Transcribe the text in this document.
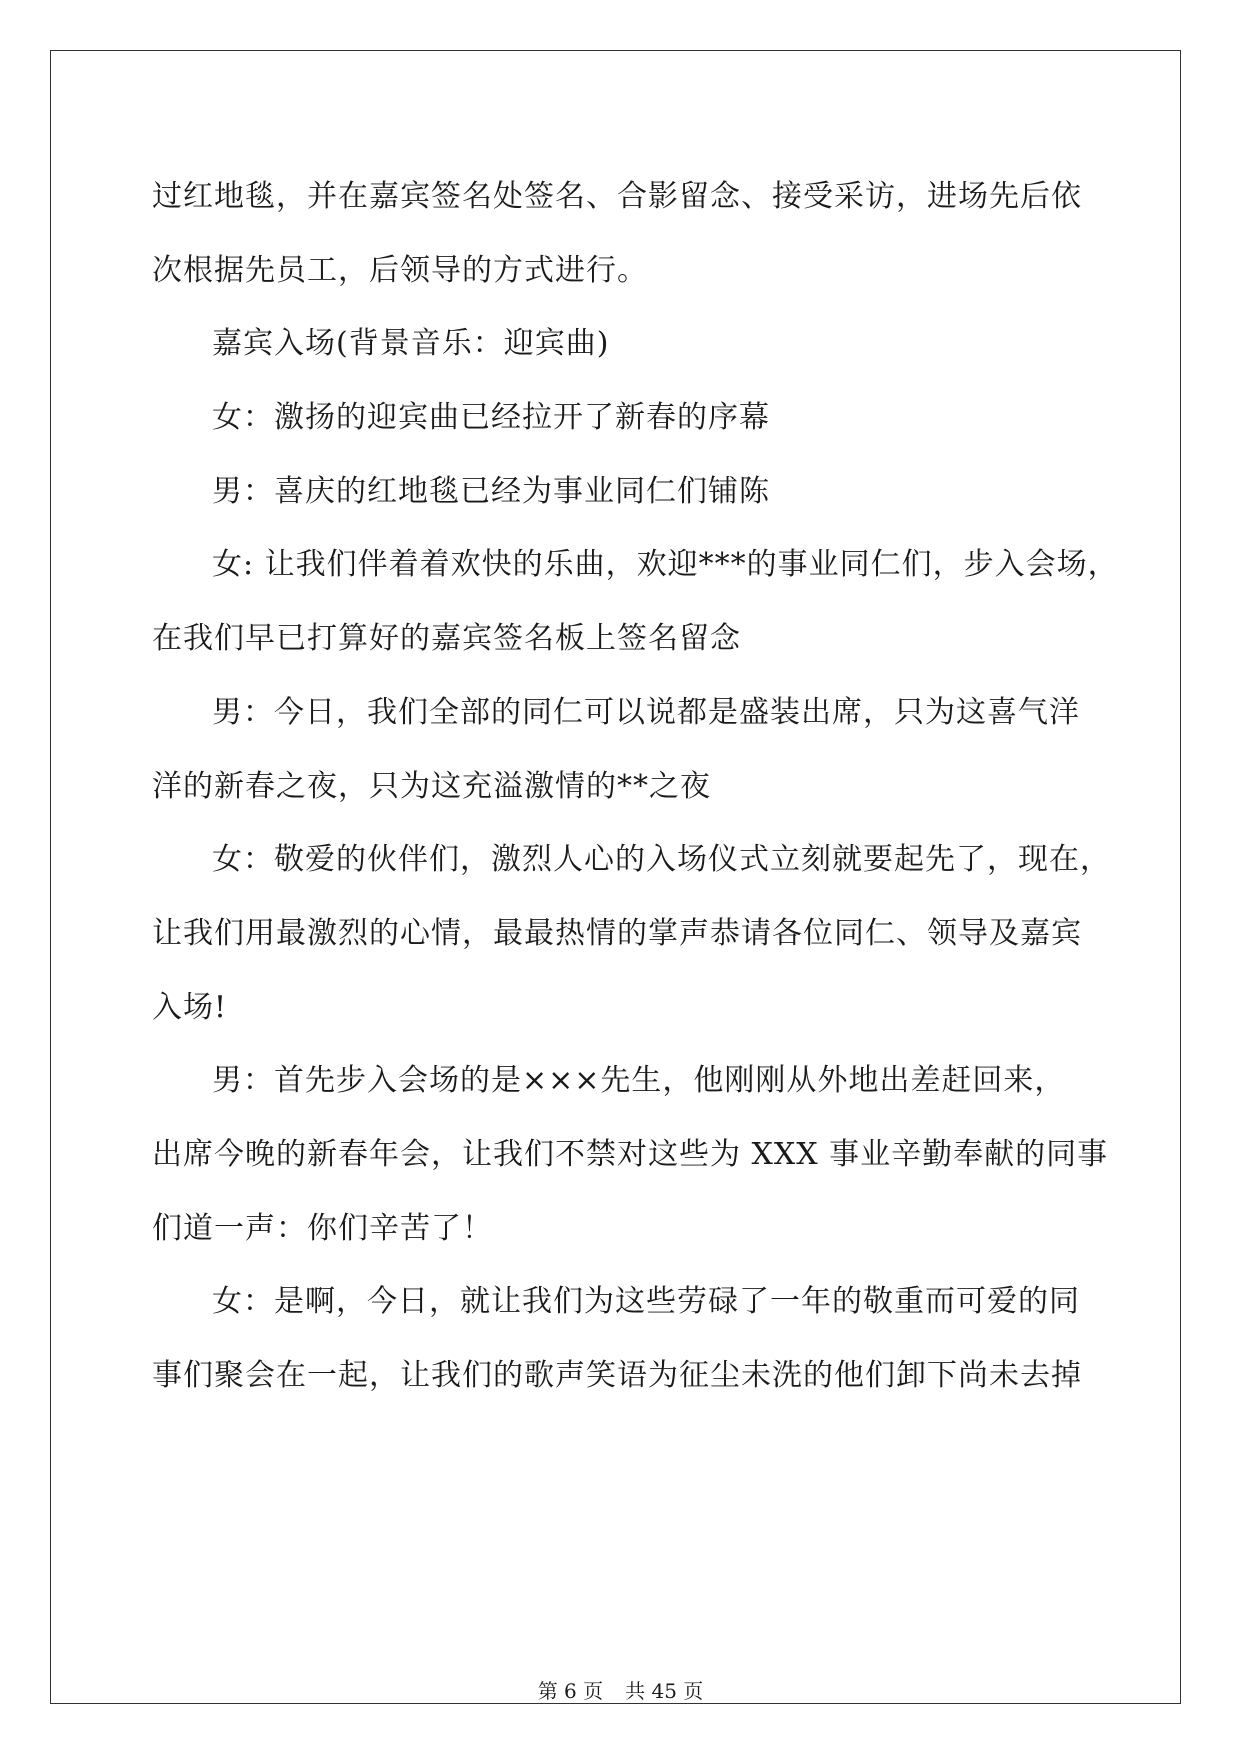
过红地毯，并在嘉宾签名处签名、合影留念、接受采访，进场先后依
次根据先员工，后领导的方式进行。
嘉宾入场(背景音乐：迎宾曲)
女：激扬的迎宾曲已经拉开了新春的序幕
男：喜庆的红地毯已经为事业同仁们铺陈
女: 让我们伴着着欢快的乐曲，欢迎***的事业同仁们，步入会场，
在我们早已打算好的嘉宾签名板上签名留念
男：今日，我们全部的同仁可以说都是盛装出席，只为这喜气洋
洋的新春之夜，只为这充溢激情的**之夜
女：敬爱的伙伴们，激烈人心的入场仪式立刻就要起先了，现在，
让我们用最激烈的心情，最最热情的掌声恭请各位同仁、领导及嘉宾
入场!
男：首先步入会场的是×××先生，他刚刚从外地出差赶回来，
出席今晚的新春年会，让我们不禁对这些为 XXX 事业辛勤奉献的同事
们道一声：你们辛苦了！
女：是啊，今日，就让我们为这些劳碌了一年的敬重而可爱的同
事们聚会在一起，让我们的歌声笑语为征尘未洗的他们卸下尚未去掉
第 6 页 共 45 页
